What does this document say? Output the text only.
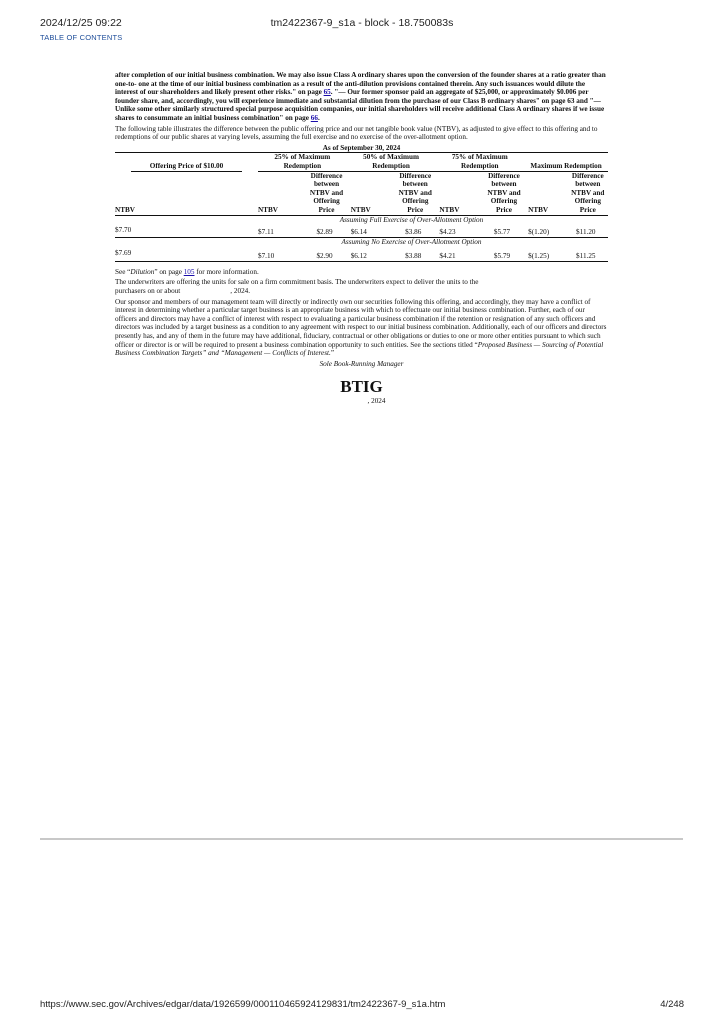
2024/12/25 09:22	tm2422367-9_s1a - block - 18.750083s
TABLE OF CONTENTS

after completion of our initial business combination. We may also issue Class A ordinary shares upon the conversion of the founder shares at a ratio greater than one-to- one at the time of our initial business combination as a result of the anti-dilution provisions contained therein. Any such issuances would dilute the interest of our shareholders and likely present other risks." on page 65. "— Our former sponsor paid an aggregate of $25,000, or approximately $0.006 per founder share, and, accordingly, you will experience immediate and substantial dilution from the purchase of our Class B ordinary shares" on page 63 and "— Unlike some other similarly structured special purpose acquisition companies, our initial shareholders will receive additional Class A ordinary shares if we issue shares to consummate an initial business combination" on page 66.

The following table illustrates the difference between the public offering price and our net tangible book value (NTBV), as adjusted to give effect to this offering and to redemptions of our public shares at varying levels, assuming the full exercise and no exercise of the over-allotment option.

As of September 30, 2024								
Offering Price of $10.00	25% of Maximum Redemption		50% of Maximum Redemption		75% of Maximum Redemption		Maximum Redemption	

NTBV	NTBV	Difference between NTBV and Offering Price	NTBV	Difference between NTBV and Offering Price	NTBV	Difference between NTBV and Offering Price	NTBV	Difference between NTBV and Offering Price
Assuming Full Exercise of Over-Allotment Option								
$7.70	$7.11	$2.89	$6.14	$3.86	$4.23	$5.77	$(1.20)	$11.20
Assuming No Exercise of Over-Allotment Option								
$7.69	$7.10	$2.90	$6.12	$3.88	$4.21	$5.79	$(1.25)	$11.25

See “Dilution” on page 105 for more information.

The underwriters are offering the units for sale on a firm commitment basis. The underwriters expect to deliver the units to the
purchasers on or about	, 2024.

Our sponsor and members of our management team will directly or indirectly own our securities following this offering, and accordingly, they may have a conflict of interest in determining whether a particular target business is an appropriate business with which to effectuate our initial business combination. Further, each of our officers and directors may have a conflict of interest with respect to evaluating a particular business combination if the retention or resignation of any such officers and directors was included by a target business as a condition to any agreement with respect to our initial business combination. Additionally, each of our officers and directors presently has, and any of them in the future may have additional, fiduciary, contractual or other obligations or duties to one or more other entities pursuant to which such officer or director is or will be required to present a business combination opportunity to such entities. See the sections titled “Proposed Business — Sourcing of Potential Business Combination Targets” and “Management — Conflicts of Interest.”

Sole Book-Running Manager
BTIG
, 2024
https://www.sec.gov/Archives/edgar/data/1926599/000110465924129831/tm2422367-9_s1a.htm	4/248
